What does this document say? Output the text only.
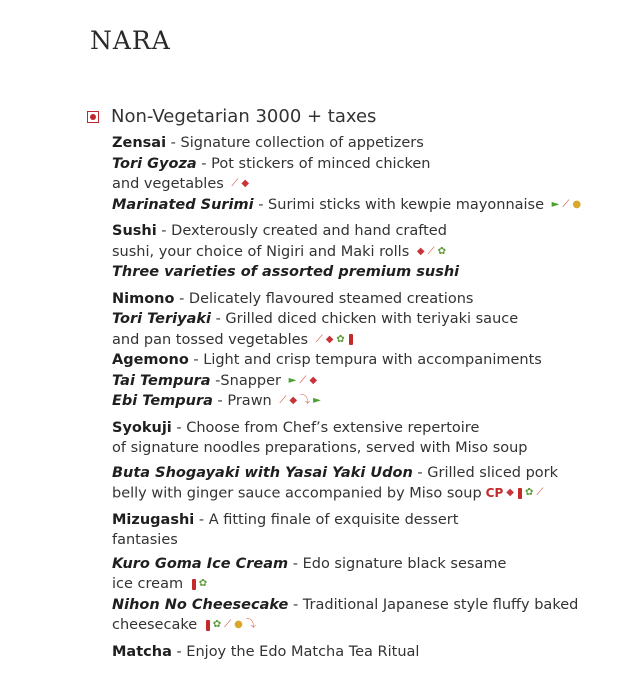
NARA
Non-Vegetarian 3000 + taxes
Zensai - Signature collection of appetizers
Tori Gyoza - Pot stickers of minced chicken
and vegetables ⟋ ◆
Marinated Surimi - Surimi sticks with kewpie mayonnaise ► ⟋ ●
Sushi - Dexterously created and hand crafted
sushi, your choice of Nigiri and Maki rolls ◆ ⟋ ✿
Three varieties of assorted premium sushi
Nimono - Delicately flavoured steamed creations
Tori Teriyaki - Grilled diced chicken with teriyaki sauce
and pan tossed vegetables ⟋ ◆ ✿
Agemono - Light and crisp tempura with accompaniments
Tai Tempura -Snapper ► ⟋ ◆
Ebi Tempura - Prawn ⟋ ◆ ⤵ ►
Syokuji - Choose from Chef’s extensive repertoire
of signature noodles preparations, served with Miso soup
Buta Shogayaki with Yasai Yaki Udon - Grilled sliced pork
belly with ginger sauce accompanied by Miso soup CP ◆ ✿ ⟋
Mizugashi - A fitting finale of exquisite dessert
fantasies
Kuro Goma Ice Cream - Edo signature black sesame
ice cream ✿
Nihon No Cheesecake - Traditional Japanese style fluffy baked
cheesecake ✿ ⟋ ● ⤵
Matcha - Enjoy the Edo Matcha Tea Ritual
